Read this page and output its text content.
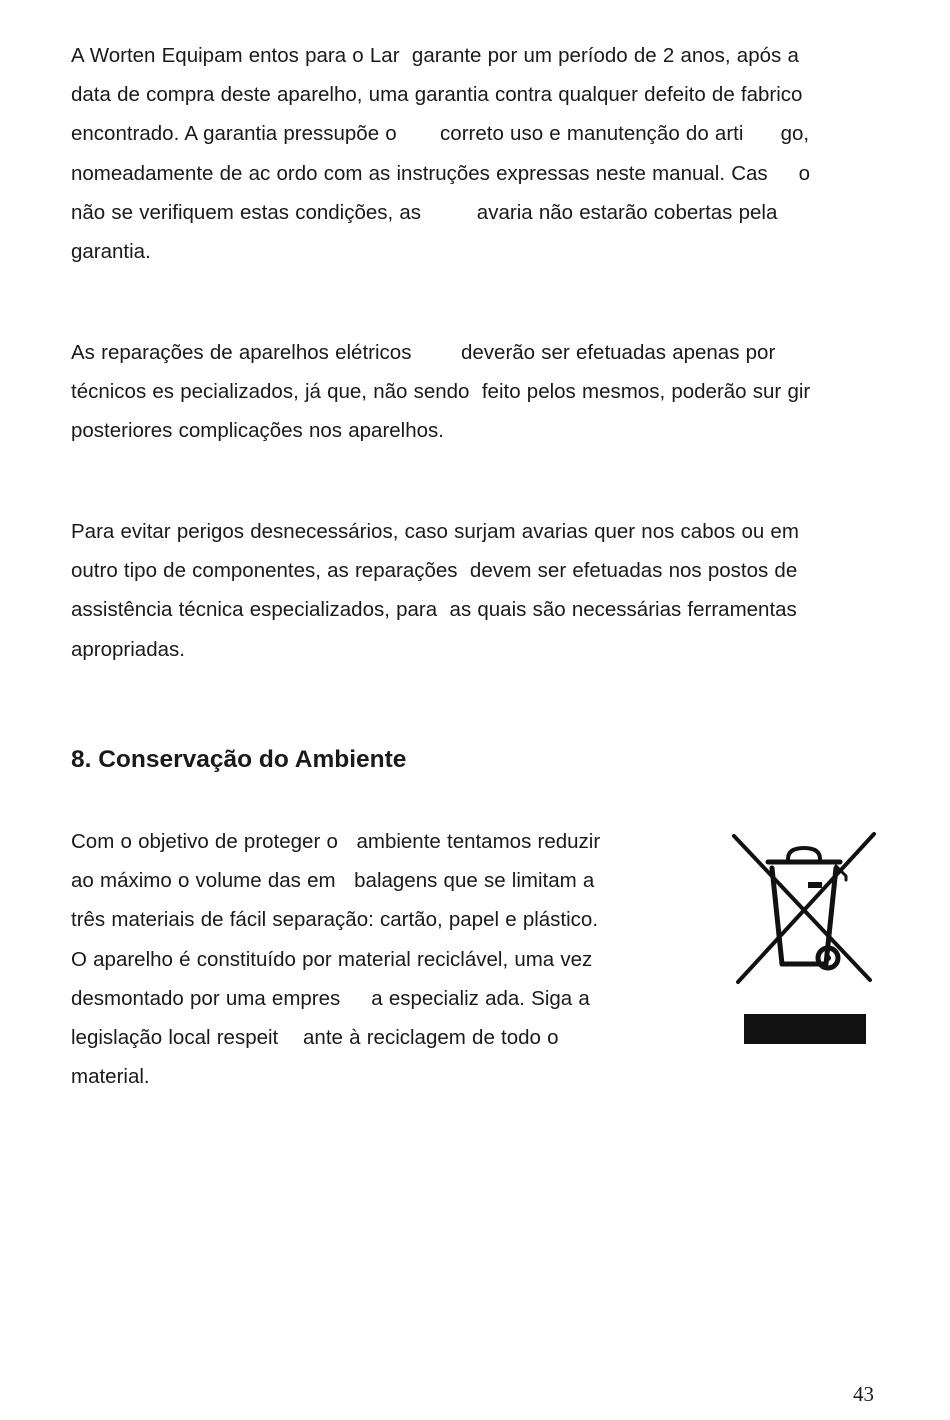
A Worten Equipam entos para o Lar  garante por um período de 2 anos, após a
data de compra deste aparelho, uma garantia contra qualquer defeito de fabrico
encontrado. A garantia pressupõe o       correto uso e manutenção do arti      go,
nomeadamente de ac ordo com as instruções expressas neste manual. Cas     o
não se verifiquem estas condições, as         avaria não estarão cobertas pela
garantia.
As reparações de aparelhos elétricos        deverão ser efetuadas apenas por
técnicos es pecializados, já que, não sendo  feito pelos mesmos, poderão sur gir
posteriores complicações nos aparelhos.
Para evitar perigos desnecessários, caso surjam avarias quer nos cabos ou em
outro tipo de componentes, as reparações  devem ser efetuadas nos postos de
assistência técnica especializados, para  as quais são necessárias ferramentas
apropriadas.
8. Conservação do Ambiente
Com o objetivo de proteger o   ambiente tentamos reduzir
ao máximo o volume das em   balagens que se limitam a
três materiais de fácil separação: cartão, papel e plástico.
O aparelho é constituído por material reciclável, uma vez
desmontado por uma empres     a especializ ada. Siga a
legislação local respeit    ante à reciclagem de todo o
material.
43
